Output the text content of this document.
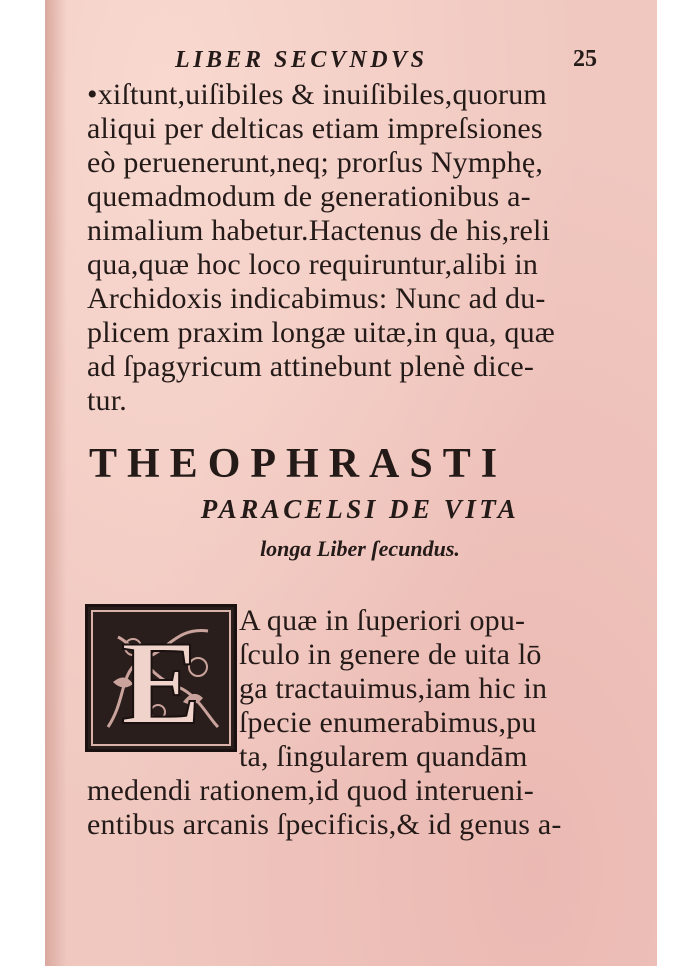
LIBER SECVNDVS	25
•xiſtunt,uiſibiles & inuiſibiles,quorum
aliqui per delticas etiam impreſsiones
eò peruenerunt,neq; prorſus Nymphę,
quemadmodum de generationibus a-
nimalium habetur.Hactenus de his,reli
qua,quæ hoc loco requiruntur,alibi in
Archidoxis indicabimus: Nunc ad du-
plicem praxim longæ uitæ,in qua, quæ
ad ſpagyricum attinebunt plenè dice-
tur.
THEOPHRASTI
PARACELSI DE VITA
longa Liber ſecundus.
E A quæ in ſuperiori opu-
ſculo in genere de uita lō
ga tractauimus,iam hic in
ſpecie enumerabimus,pu
ta, ſingularem quandām
medendi rationem,id quod interueni-
entibus arcanis ſpecificis,& id genus a-
